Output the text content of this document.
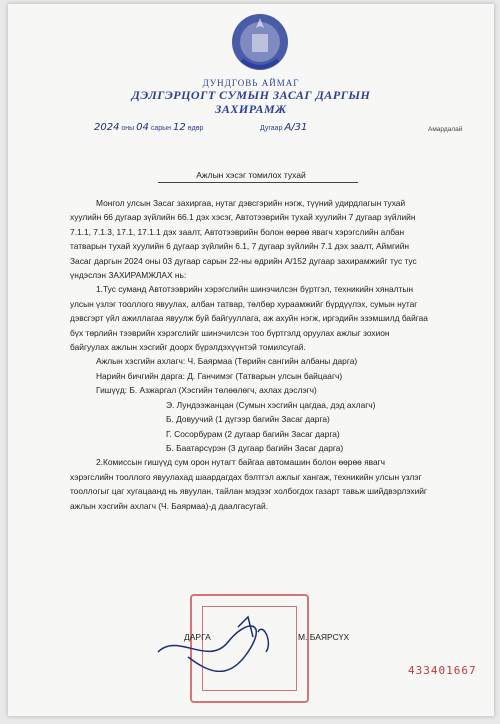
ДУНДГОВЬ АЙМАГ
ДЭЛГЭРЦОГТ СУМЫН ЗАСАГ ДАРГЫН
ЗАХИРАМЖ
2024 оны 04 сарын 12 өдөр	Дугаар А/31	Амардалай
Ажлын хэсэг томилох тухай
Монгол улсын Засаг захиргаа, нутаг дэвсгэрийн нэгж, түүний удирдлагын тухай
хуулийн 66 дугаар зүйлийн 66.1 дэх хэсэг, Автотээврийн тухай хуулийн 7 дугаар зүйлийн
7.1.1, 7.1.3, 17.1, 17.1.1 дэх заалт, Автотээврийн болон өөрөө явагч хэрэгслийн албан
татварын тухай хуулийн 6 дугаар зүйлийн 6.1, 7 дугаар зүйлийн 7.1 дэх заалт, Аймгийн
Засаг даргын 2024 оны 03 дугаар сарын 22-ны өдрийн А/152 дугаар захирамжийг тус тус
үндэслэн ЗАХИРАМЖЛАХ нь:
1.Тус сумaнд Автотээврийн хэрэгслийн шинэчилсэн бүртгэл, техникийн хяналтын
улсын үзлэг тооллого явуулах, албан татвар, төлбөр хураамжийг бүрдүүлэх, сумын нутаг
дэвсгэрт үйл ажиллагаа явуулж буй байгууллага, аж ахуйн нэгж, иргэдийн эзэмшилд байгаа
бүх төрлийн тээврийн хэрэгслийг шинэчилсэн тоо бүртгэлд оруулах ажлыг зохион
байгуулах ажлын хэсгийг доорх бүрэлдэхүүнтэй томилсугай.
Ажлын хэсгийн ахлагч: Ч. Баярмаа (Төрийн сангийн албаны дарга)
Нарийн бичгийн дарга: Д. Ганчимэг (Татварын улсын байцаагч)
Гишүүд: Б. Азжаргал (Хэсгийн төлөөлөгч, ахлах дэслэгч)
Э. Лундээжанцан (Сумын хэсгийн цагдаа, дэд ахлагч)
Б. Довуучий (1 дүгээр багийн Засаг дарга)
Г. Сосорбурам (2 дугаар багийн Засаг дарга)
Б. Баатарсүрэн (3 дугаар багийн Засаг дарга)
2.Комиссын гишүүд сум орон нутагт байгаа автомашин болон өөрөө явагч
хэрэгслийн тооллого явуулахад шаардагдах бэлтгэл ажлыг хангаж, техникийн улсын үзлэг
тооллогыг цаг хугацаанд нь явуулан, тайлан мэдээг холбогдох газарт тавьж шийдвэрлэхийг
ажлын хэсгийн ахлагч (Ч. Баярмаа)-д даалгасугай.
ДАРГА	М. БАЯРСҮХ
433401667
